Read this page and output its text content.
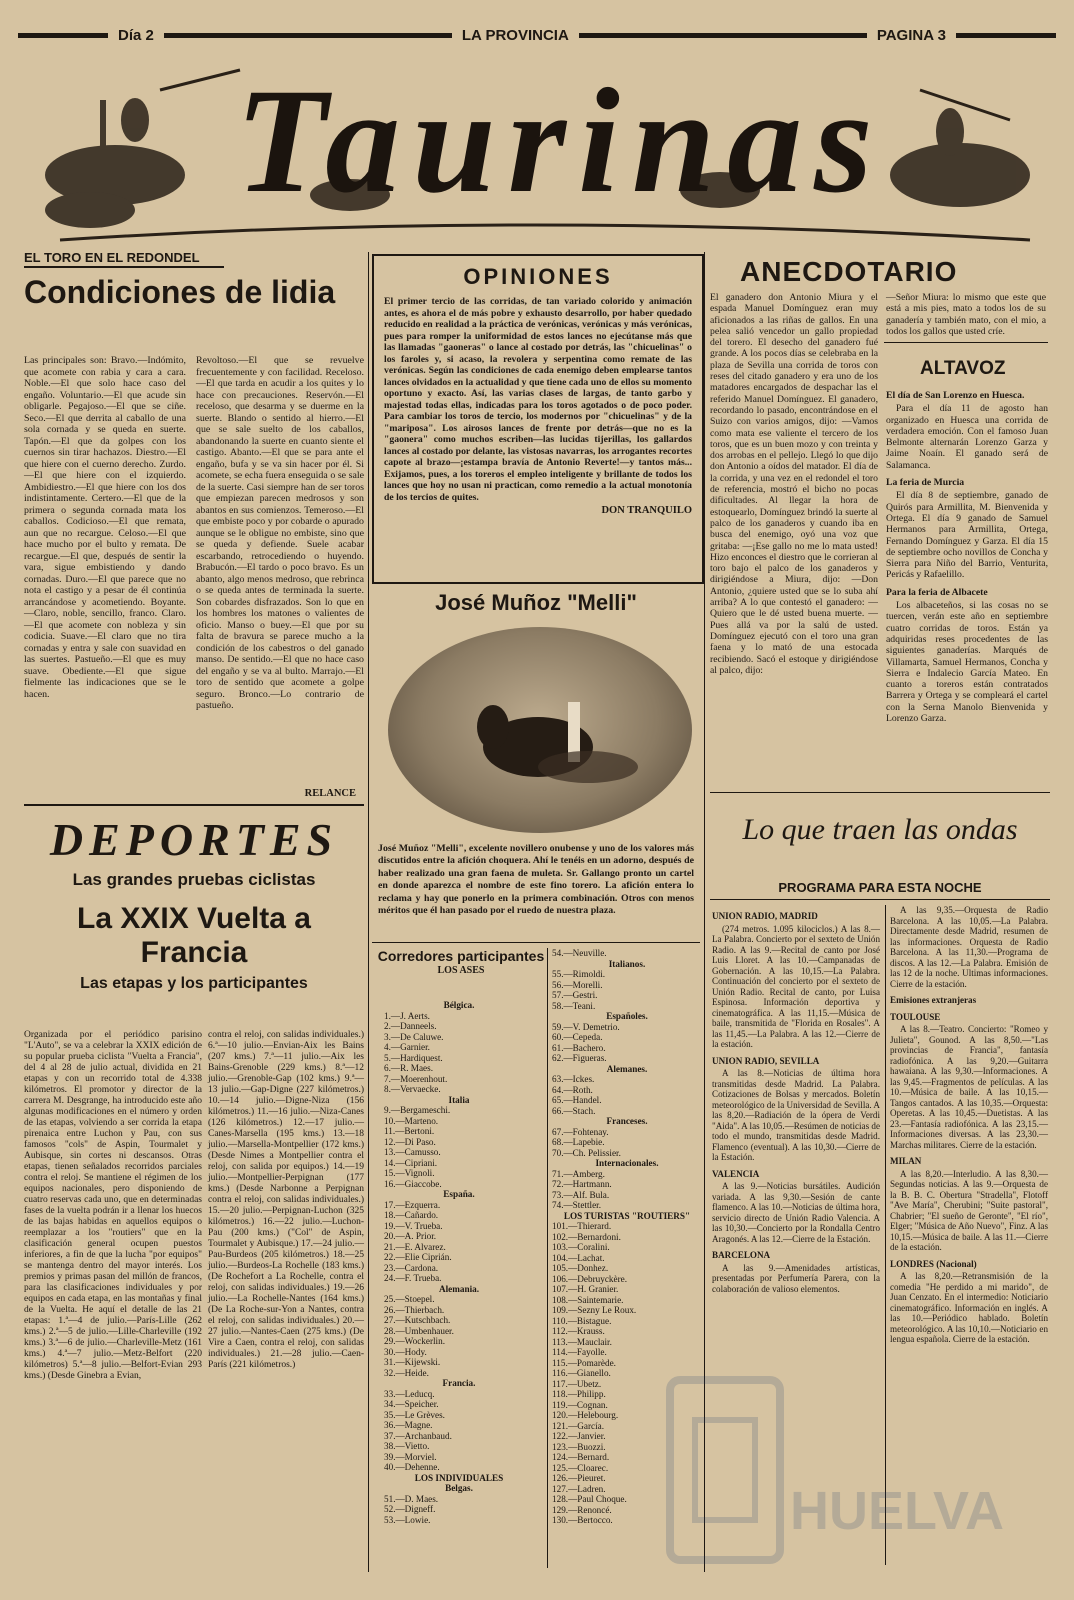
Día 2	LA PROVINCIA	PAGINA 3
Taurinas
EL TORO EN EL REDONDEL
Condiciones de lidia
Las principales son: Bravo.—Indómito, que acomete con rabia y cara a cara. Noble.—El que solo hace caso del engaño. Voluntario.—El que acude sin obligarle. Pegajoso.—El que se ciñe. Seco.—El que derrita al caballo de una sola cornada y se queda en suerte. Tapón.—El que da golpes con los cuernos sin tirar hachazos. Diestro.—El que hiere con el cuerno derecho. Zurdo.—El que hiere con el izquierdo. Ambidiestro.—El que hiere con los dos indistintamente. Certero.—El que de la primera o segunda cornada mata los caballos. Codicioso.—El que remata, aun que no recargue. Celoso.—El que hace mucho por el bulto y remata. De recargue.—El que, después de sentir la vara, sigue embistiendo y dando cornadas. Duro.—El que parece que no nota el castigo y a pesar de él continúa arrancándose y acometiendo. Boyante.—Claro, noble, sencillo, franco. Claro.—El que acomete con nobleza y sin codicia. Suave.—El claro que no tira cornadas y entra y sale con suavidad en las suertes. Pastueño.—El que es muy suave. Obediente.—El que sigue fielmente las indicaciones que se le hacen.
Revoltoso.—El que se revuelve frecuentemente y con facilidad. Receloso.—El que tarda en acudir a los quites y lo hace con precauciones. Reservón.—El receloso, que desarma y se duerme en la suerte. Blando o sentido al hierro.—El que se sale suelto de los caballos, abandonando la suerte en cuanto siente el castigo. Abanto.—El que se para ante el engaño, bufa y se va sin hacer por él. Si acomete, se echa fuera enseguida o se sale de la suerte. Casi siempre han de ser toros que empiezan parecen medrosos y son abantos en sus comienzos. Temeroso.—El que embiste poco y por cobarde o apurado aunque se le obligue no embiste, sino que se queda y defiende. Suele acabar escarbando, retrocediendo o huyendo. Brabucón.—El tardo o poco bravo. Es un abanto, algo menos medroso, que rebrinca o se queda antes de terminada la suerte. Son cobardes disfrazados. Son lo que en los hombres los matones o valientes de oficio. Manso o buey.—El que por su falta de bravura se parece mucho a la condición de los cabestros o del ganado manso. De sentido.—El que no hace caso del engaño y se va al bulto. Marrajo.—El toro de sentido que acomete a golpe seguro. Bronco.—Lo contrario de pastueño.
RELANCE
DEPORTES
Las grandes pruebas ciclistas
La XXIX Vuelta a Francia
Las etapas y los participantes
Organizada por el periódico parisino "L'Auto", se va a celebrar la XXIX edición de su popular prueba ciclista "Vuelta a Francia", del 4 al 28 de julio actual, dividida en 21 etapas y con un recorrido total de 4.338 kilómetros. El promotor y director de la carrera M. Desgrange, ha introducido este año algunas modificaciones en el número y orden de las etapas, volviendo a ser corrida la etapa pirenaica entre Luchon y Pau, con sus famosos "cols" de Aspin, Tourmalet y Aubisque, sin cortes ni descansos. Otras etapas, tienen señalados recorridos parciales contra el reloj. Se mantiene el régimen de los equipos nacionales, pero disponiendo de cuatro reservas cada uno, que en determinadas fases de la vuelta podrán ir a llenar los huecos de las bajas habidas en aquellos equipos o reemplazar a los "routiers" que en la clasificación general ocupen puestos inferiores, a fin de que la lucha "por equipos" se mantenga dentro del mayor interés. Los premios y primas pasan del millón de francos, para las clasificaciones individuales y por equipos en cada etapa, en las montañas y final de la Vuelta. He aquí el detalle de las 21 etapas: 1.ª—4 de julio.—París-Lille (262 kms.) 2.ª—5 de julio.—Lille-Charleville (192 kms.) 3.ª—6 de julio.—Charleville-Metz (161 kms.) 4.ª—7 julio.—Metz-Belfort (220 kilómetros) 5.ª—8 julio.—Belfort-Evian 293 kms.) (Desde Ginebra a Evian,
contra el reloj, con salidas individuales.) 6.ª—10 julio.—Envian-Aix les Bains (207 kms.) 7.ª—11 julio.—Aix les Bains-Grenoble (229 kms.) 8.ª—12 julio.—Grenoble-Gap (102 kms.) 9.ª—13 julio.—Gap-Digne (227 kilómetros.) 10.—14 julio.—Digne-Niza (156 kilómetros.) 11.—16 julio.—Niza-Canes (126 kilómetros.) 12.—17 julio.—Canes-Marsella (195 kms.) 13.—18 julio.—Marsella-Montpellier (172 kms.) (Desde Nimes a Montpellier contra el reloj, con salida por equipos.) 14.—19 julio.—Montpellier-Perpignan (177 kms.) (Desde Narbonne a Perpignan contra el reloj, con salidas individuales.) 15.—20 julio.—Perpignan-Luchon (325 kilómetros.) 16.—22 julio.—Luchon-Pau (200 kms.) ("Col" de Aspin, Tourmalet y Aubisque.) 17.—24 julio.—Pau-Burdeos (205 kilómetros.) 18.—25 julio.—Burdeos-La Rochelle (183 kms.) (De Rochefort a La Rochelle, contra el reloj, con salidas individuales.) 19.—26 julio.—La Rochelle-Nantes (164 kms.) (De La Roche-sur-Yon a Nantes, contra el reloj, con salidas individuales.) 20.—27 julio.—Nantes-Caen (275 kms.) (De Vire a Caen, contra el reloj, con salidas individuales.) 21.—28 julio.—Caen-París (221 kilómetros.)
OPINIONES
El primer tercio de las corridas, de tan variado colorido y animación antes, es ahora el de más pobre y exhausto desarrollo, por haber quedado reducido en realidad a la práctica de verónicas, verónicas y más verónicas, pues para romper la uniformidad de estos lances no ejecútanse más que las llamadas "gaoneras" o lance al costado por detrás, las "chicuelinas" o los faroles y, si acaso, la revolera y serpentina como remate de las verónicas. Según las condiciones de cada enemigo deben emplearse tantos lances olvidados en la actualidad y que tiene cada uno de ellos su momento oportuno y exacto. Así, las varias clases de largas, de tanto garbo y majestad todas ellas, indicadas para los toros agotados o de poco poder. Para cambiar los toros de tercio, los modernos por "chicuelinas" y de la "mariposa". Los airosos lances de frente por detrás—que no es la "gaonera" como muchos escriben—las lucidas tijerillas, los gallardos lances al costado por delante, las vistosas navarras, los arrogantes recortes capote al brazo—¡estampa bravía de Antonio Reverte!—y tantos más... Exijamos, pues, a los toreros el empleo inteligente y brillante de todos los lances que hoy no usan ni practican, como remedio a la actual monotonía de los tercios de quites.
DON TRANQUILO
José Muñoz "Melli"
José Muñoz "Melli", excelente novillero onubense y uno de los valores más discutidos entre la afición choquera. Ahí le tenéis en un adorno, después de haber realizado una gran faena de muleta. Sr. Gallango pronto un cartel en donde aparezca el nombre de este fino torero. La afición entera lo reclama y hay que ponerlo en la primera combinación. Otros con menos méritos que él han pasado por el ruedo de nuestra plaza.
Corredores participantes
LOS ASES
Bélgica.
1.—J. Aerts.
2.—Danneels.
3.—De Caluwe.
4.—Garnier.
5.—Hardiquest.
6.—R. Maes.
7.—Moerenhout.
8.—Vervaecke.
Italia
9.—Bergameschi.
10.—Marteno.
11.—Bertoni.
12.—Di Paso.
13.—Camusso.
14.—Cipriani.
15.—Vignoli.
16.—Giaccobe.
España.
17.—Ezquerra.
18.—Cañardo.
19.—V. Trueba.
20.—A. Prior.
21.—E. Alvarez.
22.—Elie Ciprián.
23.—Cardona.
24.—F. Trueba.
Alemania.
25.—Stoepel.
26.—Thierbach.
27.—Kutschbach.
28.—Umbenhauer.
29.—Wockerlin.
30.—Hody.
31.—Kijewski.
32.—Heide.
Francia.
33.—Leducq.
34.—Speicher.
35.—Le Grèves.
36.—Magne.
37.—Archanbaud.
38.—Vietto.
39.—Morviel.
40.—Dehenne.
LOS INDIVIDUALES
Belgas.
51.—D. Maes.
52.—Digneff.
53.—Lowie.
54.—Neuville.
Italianos.
55.—Rimoldi.
56.—Morelli.
57.—Gestri.
58.—Teani.
Españoles.
59.—V. Demetrio.
60.—Cepeda.
61.—Bachero.
62.—Figueras.
Alemanes.
63.—Ickes.
64.—Roth.
65.—Handel.
66.—Stach.
Franceses.
67.—Fohtenay.
68.—Lapebie.
70.—Ch. Pelissier.
Internacionales.
71.—Amberg.
72.—Hartmann.
73.—Alf. Bula.
74.—Stettler.
LOS TURISTAS "ROUTIERS"
101.—Thierard.
102.—Bernardoni.
103.—Coralini.
104.—Lachat.
105.—Donhez.
106.—Debruyckère.
107.—H. Granier.
108.—Saintemarie.
109.—Sezny Le Roux.
110.—Bistague.
112.—Krauss.
113.—Mauclair.
114.—Fayolle.
115.—Pomarède.
116.—Gianello.
117.—Ubetz.
118.—Philipp.
119.—Cognan.
120.—Helebourg.
121.—García.
122.—Janvier.
123.—Buozzi.
124.—Bernard.
125.—Cloarec.
126.—Pieuret.
127.—Ladren.
128.—Paul Choque.
129.—Renoncé.
130.—Bertocco.
ANECDOTARIO
El ganadero don Antonio Miura y el espada Manuel Domínguez eran muy aficionados a las riñas de gallos. En una pelea salió vencedor un gallo propiedad del torero. El desecho del ganadero fué grande. A los pocos días se celebraba en la plaza de Sevilla una corrida de toros con reses del citado ganadero y era uno de los matadores encargados de despachar las el referido Manuel Domínguez. El ganadero, recordando lo pasado, encontrándose en el Suizo con varios amigos, dijo: —Vamos como mata ese valiente el tercero de los toros, que es un buen mozo y con treinta y dos arrobas en el pellejo. Llegó lo que dijo don Antonio a oídos del matador. El día de la corrida, y una vez en el redondel el toro de referencia, mostró el bicho no pocas dificultades. Al llegar la hora de estoquearlo, Domínguez brindó la suerte al palco de los ganaderos y cuando iba en busca del enemigo, oyó una voz que gritaba: —¡Ese gallo no me lo mata usted! Hizo enconces el diestro que le corrieran al toro bajo el palco de los ganaderos y dirigiéndose a Miura, dijo: —Don Antonio, ¿quiere usted que se lo suba ahí arriba? A lo que contestó el ganadero: —Quiero que le dé usted buena muerte. —Pues allá va por la salú de usted. Domínguez ejecutó con el toro una gran faena y lo mató de una estocada recibiendo. Sacó el estoque y dirigiéndose al palco, dijo:
—Señor Miura: lo mismo que este que está a mis pies, mato a todos los de su ganadería y también mato, con el mio, a todos los gallos que usted críe.
ALTAVOZ
El día de San Lorenzo en Huesca.

Para el día 11 de agosto han organizado en Huesca una corrida de verdadera emoción. Con el famoso Juan Belmonte alternarán Lorenzo Garza y Jaime Noaín. El ganado será de Salamanca.

La feria de Murcia

El día 8 de septiembre, ganado de Quirós para Armillita, M. Bienvenida y Ortega. El día 9 ganado de Samuel Hermanos para Armillita, Ortega, Fernando Domínguez y Garza. El día 15 de septiembre ocho novillos de Concha y Sierra para Niño del Barrio, Venturita, Pericás y Rafaelillo.

Para la feria de Albacete

Los albaceteños, si las cosas no se tuercen, verán este año en septiembre cuatro corridas de toros. Están ya adquiridas reses procedentes de las siguientes ganaderías. Marqués de Villamarta, Samuel Hermanos, Concha y Sierra e Indalecio García Mateo. En cuanto a toreros están contratados Barrera y Ortega y se compleará el cartel con la Serna Manolo Bienvenida y Lorenzo Garza.

Lo que traen las ondas
PROGRAMA PARA ESTA NOCHE
UNION RADIO, MADRID

(274 metros. 1.095 kilociclos.) A las 8.—La Palabra. Concierto por el sexteto de Unión Radio. A las 9.—Recital de canto por José Luis Lloret. A las 10.—Campanadas de Gobernación. A las 10,15.—La Palabra. Continuación del concierto por el sexteto de Unión Radio. Recital de canto, por Luisa Espinosa. Información deportiva y cinematográfica. A las 11,15.—Música de baile, transmitida de "Florida en Rosales". A las 11,45.—La Palabra. A las 12.—Cierre de la estación.

UNION RADIO, SEVILLA

A las 8.—Noticias de última hora transmitidas desde Madrid. La Palabra. Cotizaciones de Bolsas y mercados. Boletín meteorológico de la Universidad de Sevilla. A las 8,20.—Radiación de la ópera de Verdi "Aida". A las 10,05.—Resúmen de noticias de todo el mundo, transmitidas desde Madrid. Flamenco (eventual). A las 10,30.—Cierre de la Estación.

VALENCIA

A las 9.—Noticias bursátiles. Audición variada. A las 9,30.—Sesión de cante flamenco. A las 10.—Noticias de última hora, servicio directo de Unión Radio Valencia. A las 10,30.—Concierto por la Rondalla Centro Aragonés. A las 12.—Cierre de la Estación.

BARCELONA

A las 9.—Amenidades artísticas, presentadas por Perfumería Parera, con la colaboración de valioso elementos.

A las 9,35.—Orquesta de Radio Barcelona. A las 10,05.—La Palabra. Directamente desde Madrid, resumen de las informaciones. Orquesta de Radio Barcelona. A las 11,30.—Programa de discos. A las 12.—La Palabra. Emisión de las 12 de la noche. Ultimas informaciones. Cierre de la estación.

Emisiones extranjeras
TOULOUSE

A las 8.—Teatro. Concierto: "Romeo y Julieta", Gounod. A las 8,50.—"Las provincias de Francia", fantasía radiofónica. A las 9,20.—Guitarra hawaiana. A las 9,30.—Informaciones. A las 9,45.—Fragmentos de películas. A las 10.—Música de baile. A las 10,15.—Tangos cantados. A las 10,35.—Orquesta: Operetas. A las 10,45.—Duetistas. A las 23.—Fantasía radiofónica. A las 23,15.—Informaciones diversas. A las 23,30.—Marchas militares. Cierre de la estación.

MILAN

A las 8,20.—Interludio. A las 8,30.—Segundas noticias. A las 9.—Orquesta de la B. B. C. Obertura "Stradella", Flotoff "Ave María", Cherubini; "Suite pastoral", Chabrier; "El sueño de Geronte", "El río", Elger; "Música de Año Nuevo", Finz. A las 10,15.—Música de baile. A las 11.—Cierre de la estación.

LONDRES (Nacional)

A las 8,20.—Retransmisión de la comedia "He perdido a mi marido", de Juan Cenzato. En el intermedio: Noticiario cinematográfico. Información en inglés. A las 10.—Periódico hablado. Boletín meteorológico. A las 10,10.—Noticiario en lengua española. Cierre de la estación.

HUELVA
